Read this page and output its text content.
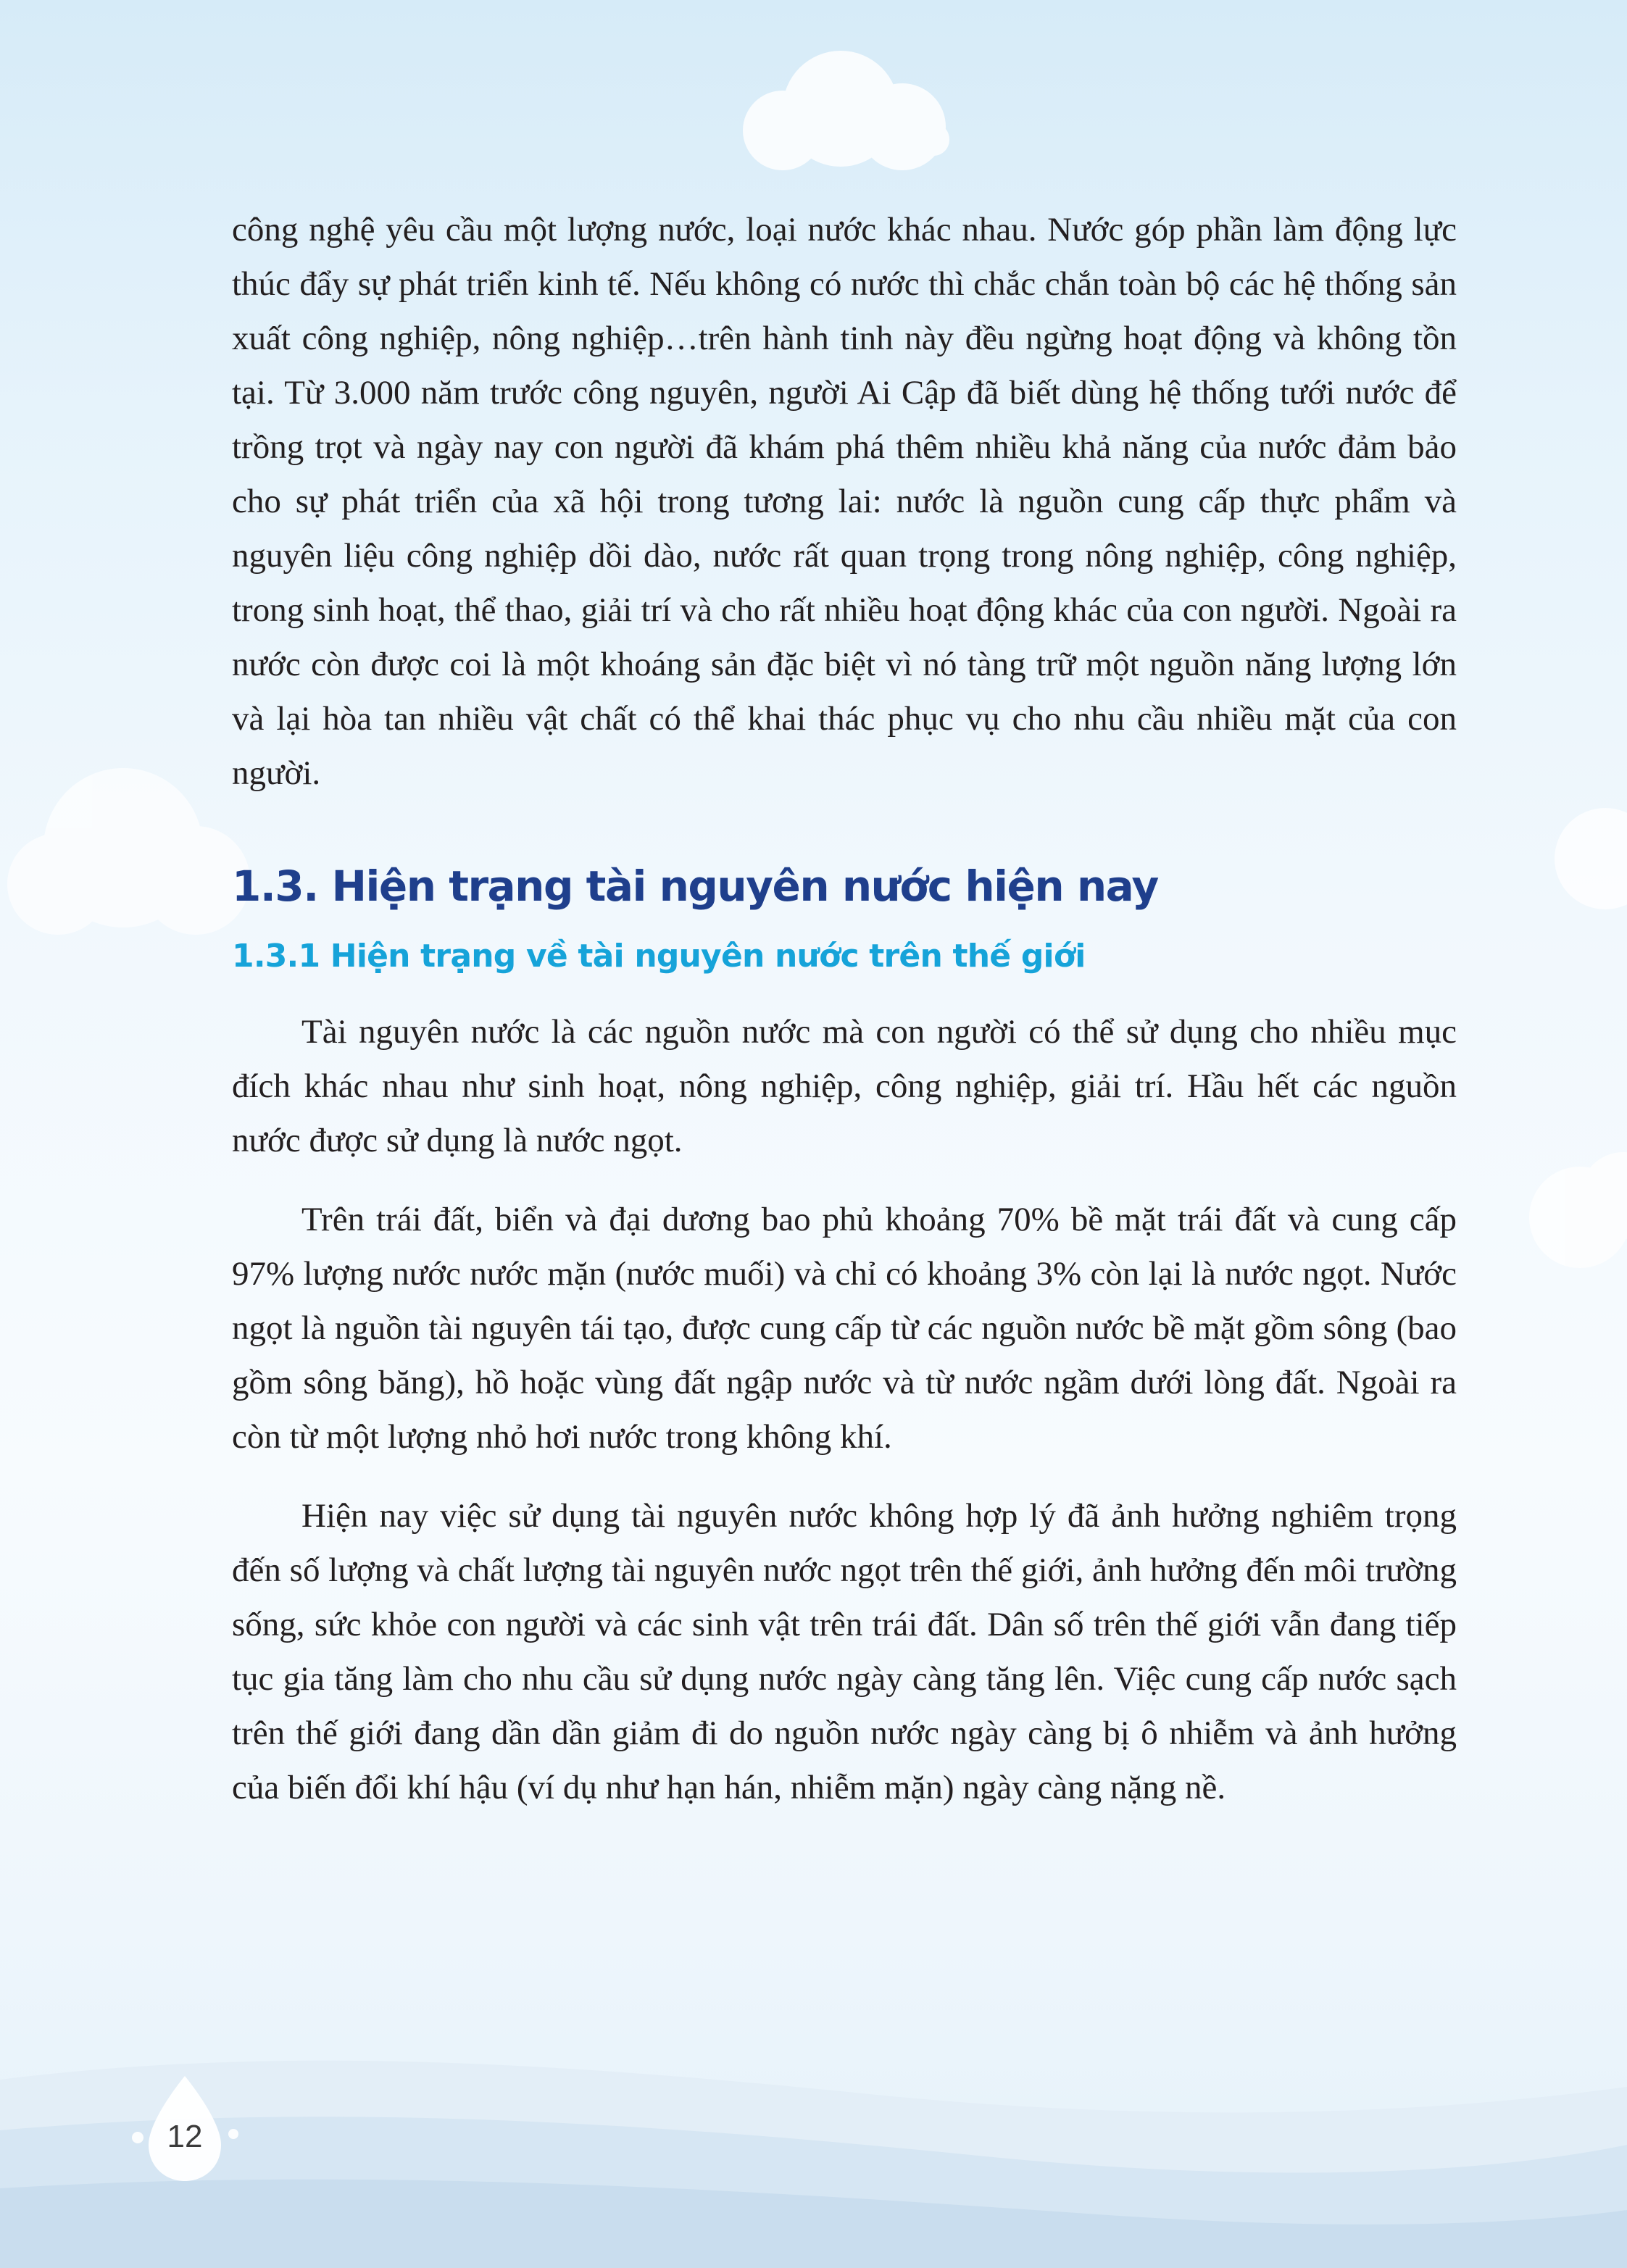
công nghệ yêu cầu một lượng nước, loại nước khác nhau. Nước góp phần làm động lực thúc đẩy sự phát triển kinh tế. Nếu không có nước thì chắc chắn toàn bộ các hệ thống sản xuất công nghiệp, nông nghiệp…trên hành tinh này đều ngừng hoạt động và không tồn tại. Từ 3.000 năm trước công nguyên, người Ai Cập đã biết dùng hệ thống tưới nước để trồng trọt và ngày nay con người đã khám phá thêm nhiều khả năng của nước đảm bảo cho sự phát triển của xã hội trong tương lai: nước là nguồn cung cấp thực phẩm và nguyên liệu công nghiệp dồi dào, nước rất quan trọng trong nông nghiệp, công nghiệp, trong sinh hoạt, thể thao, giải trí và cho rất nhiều hoạt động khác của con người. Ngoài ra nước còn được coi là một khoáng sản đặc biệt vì nó tàng trữ một nguồn năng lượng lớn và lại hòa tan nhiều vật chất có thể khai thác phục vụ cho nhu cầu nhiều mặt của con người.

1.3. Hiện trạng tài nguyên nước hiện nay
1.3.1 Hiện trạng về tài nguyên nước trên thế giới

Tài nguyên nước là các nguồn nước mà con người có thể sử dụng cho nhiều mục đích khác nhau như sinh hoạt, nông nghiệp, công nghiệp, giải trí. Hầu hết các nguồn nước được sử dụng là nước ngọt.

Trên trái đất, biển và đại dương bao phủ khoảng 70% bề mặt trái đất và cung cấp 97% lượng nước nước mặn (nước muối) và chỉ có khoảng 3% còn lại là nước ngọt. Nước ngọt là nguồn tài nguyên tái tạo, được cung cấp từ các nguồn nước bề mặt gồm sông (bao gồm sông băng), hồ hoặc vùng đất ngập nước và từ nước ngầm dưới lòng đất. Ngoài ra còn từ một lượng nhỏ hơi nước trong không khí.

Hiện nay việc sử dụng tài nguyên nước không hợp lý đã ảnh hưởng nghiêm trọng đến số lượng và chất lượng tài nguyên nước ngọt trên thế giới, ảnh hưởng đến môi trường sống, sức khỏe con người và các sinh vật trên trái đất. Dân số trên thế giới vẫn đang tiếp tục gia tăng làm cho nhu cầu sử dụng nước ngày càng tăng lên. Việc cung cấp nước sạch trên thế giới đang dần dần giảm đi do nguồn nước ngày càng bị ô nhiễm và ảnh hưởng của biến đổi khí hậu (ví dụ như hạn hán, nhiễm mặn) ngày càng nặng nề.

12
